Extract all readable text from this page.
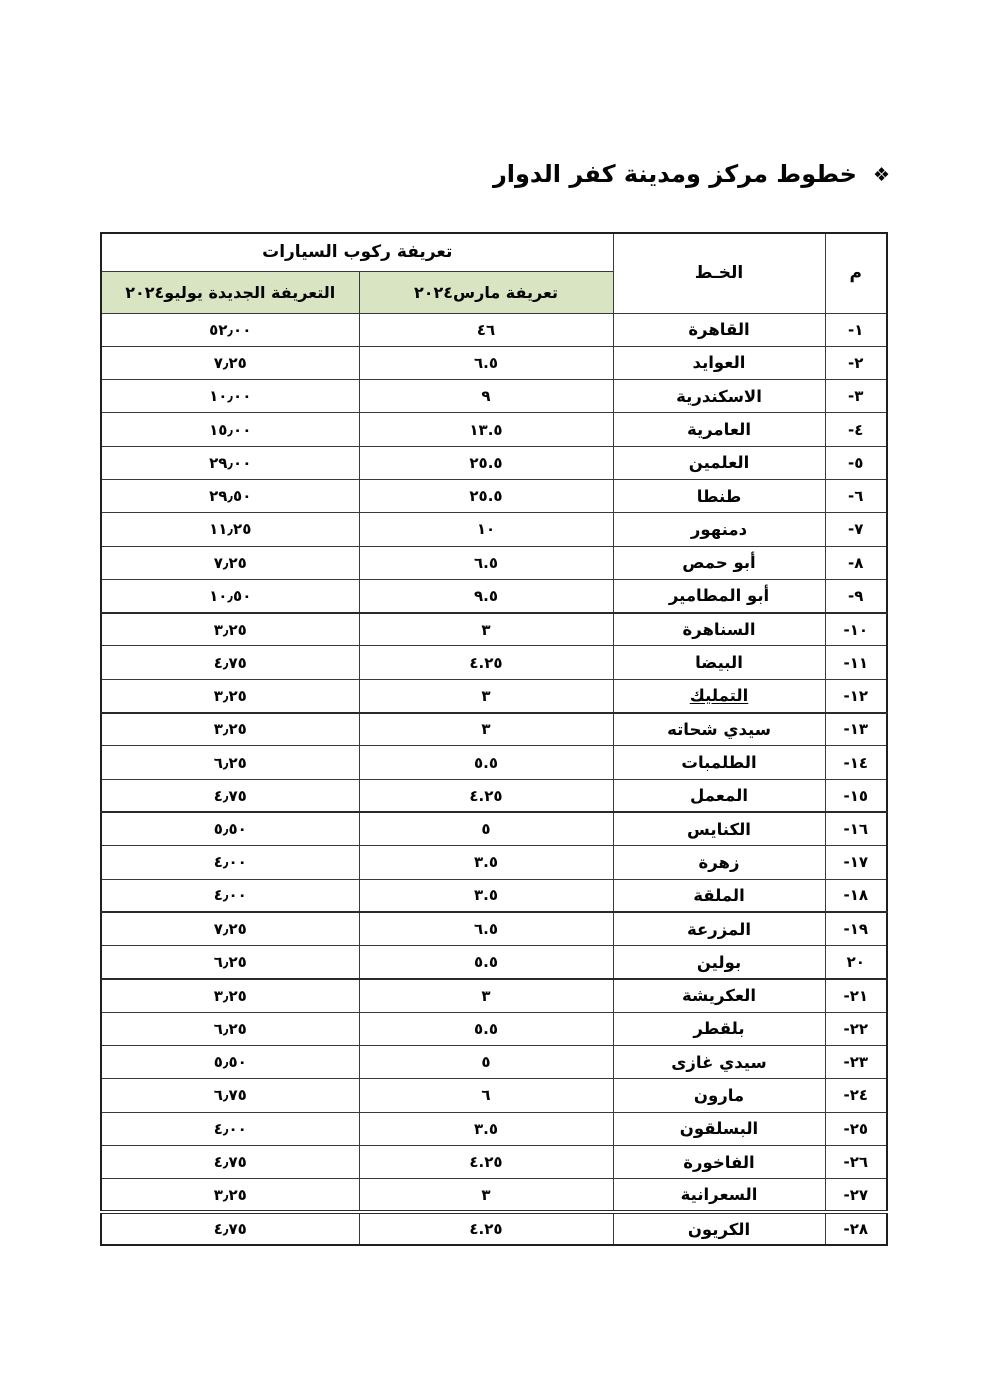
❖
خطوط مركز ومدينة كفر الدوار
م	الخـط	تعريفة ركوب السيارات	
		تعريفة مارس٢٠٢٤	التعريفة الجديدة يوليو٢٠٢٤
١-	القاهرة	٤٦	٥٢٫٠٠
٢-	العوايد	٦.٥	٧٫٢٥
٣-	الاسكندرية	٩	١٠٫٠٠
٤-	العامرية	١٣.٥	١٥٫٠٠
٥-	العلمين	٢٥.٥	٢٩٫٠٠
٦-	طنطا	٢٥.٥	٢٩٫٥٠
٧-	دمنهور	١٠	١١٫٢٥
٨-	أبو حمص	٦.٥	٧٫٢٥
٩-	أبو المطامير	٩.٥	١٠٫٥٠
١٠-	السناهرة	٣	٣٫٢٥
١١-	البيضا	٤.٢٥	٤٫٧٥
١٢-	التمليك	٣	٣٫٢٥
١٣-	سيدي شحاته	٣	٣٫٢٥
١٤-	الطلمبات	٥.٥	٦٫٢٥
١٥-	المعمل	٤.٢٥	٤٫٧٥
١٦-	الكنايس	٥	٥٫٥٠
١٧-	زهرة	٣.٥	٤٫٠٠
١٨-	الملقة	٣.٥	٤٫٠٠
١٩-	المزرعة	٦.٥	٧٫٢٥
٢٠	بولين	٥.٥	٦٫٢٥
٢١-	العكريشة	٣	٣٫٢٥
٢٢-	بلقطر	٥.٥	٦٫٢٥
٢٣-	سيدي غازى	٥	٥٫٥٠
٢٤-	مارون	٦	٦٫٧٥
٢٥-	البسلقون	٣.٥	٤٫٠٠
٢٦-	الفاخورة	٤.٢٥	٤٫٧٥
٢٧-	السعرانية	٣	٣٫٢٥
٢٨-	الكريون	٤.٢٥	٤٫٧٥
